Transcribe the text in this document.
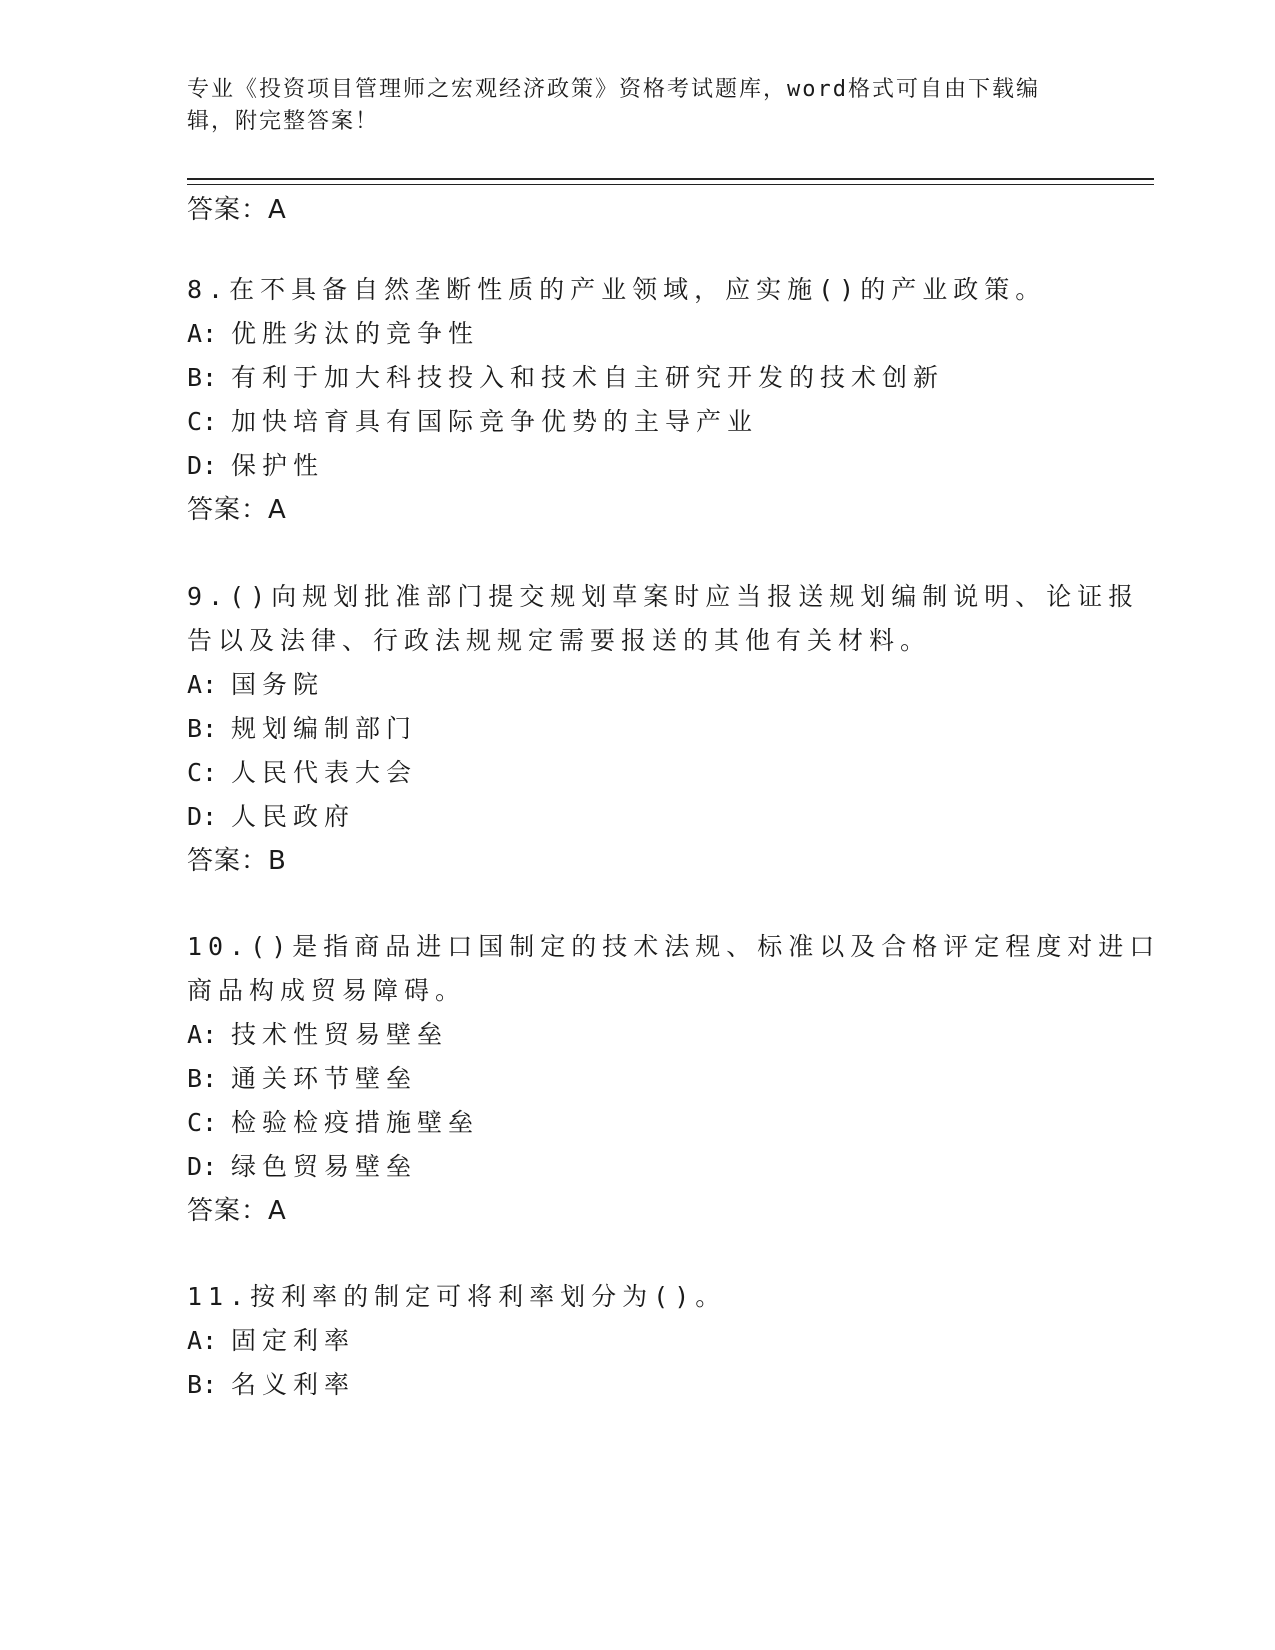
专业《投资项目管理师之宏观经济政策》资格考试题库，word格式可自由下载编
辑，附完整答案！
答案：A
8.在不具备自然垄断性质的产业领域，应实施()的产业政策。
A: 优胜劣汰的竞争性
B: 有利于加大科技投入和技术自主研究开发的技术创新
C: 加快培育具有国际竞争优势的主导产业
D: 保护性
答案：A
9.()向规划批准部门提交规划草案时应当报送规划编制说明、论证报
告以及法律、行政法规规定需要报送的其他有关材料。
A: 国务院
B: 规划编制部门
C: 人民代表大会
D: 人民政府
答案：B
10.()是指商品进口国制定的技术法规、标准以及合格评定程度对进口
商品构成贸易障碍。
A: 技术性贸易壁垒
B: 通关环节壁垒
C: 检验检疫措施壁垒
D: 绿色贸易壁垒
答案：A
11.按利率的制定可将利率划分为()。
A: 固定利率
B: 名义利率
